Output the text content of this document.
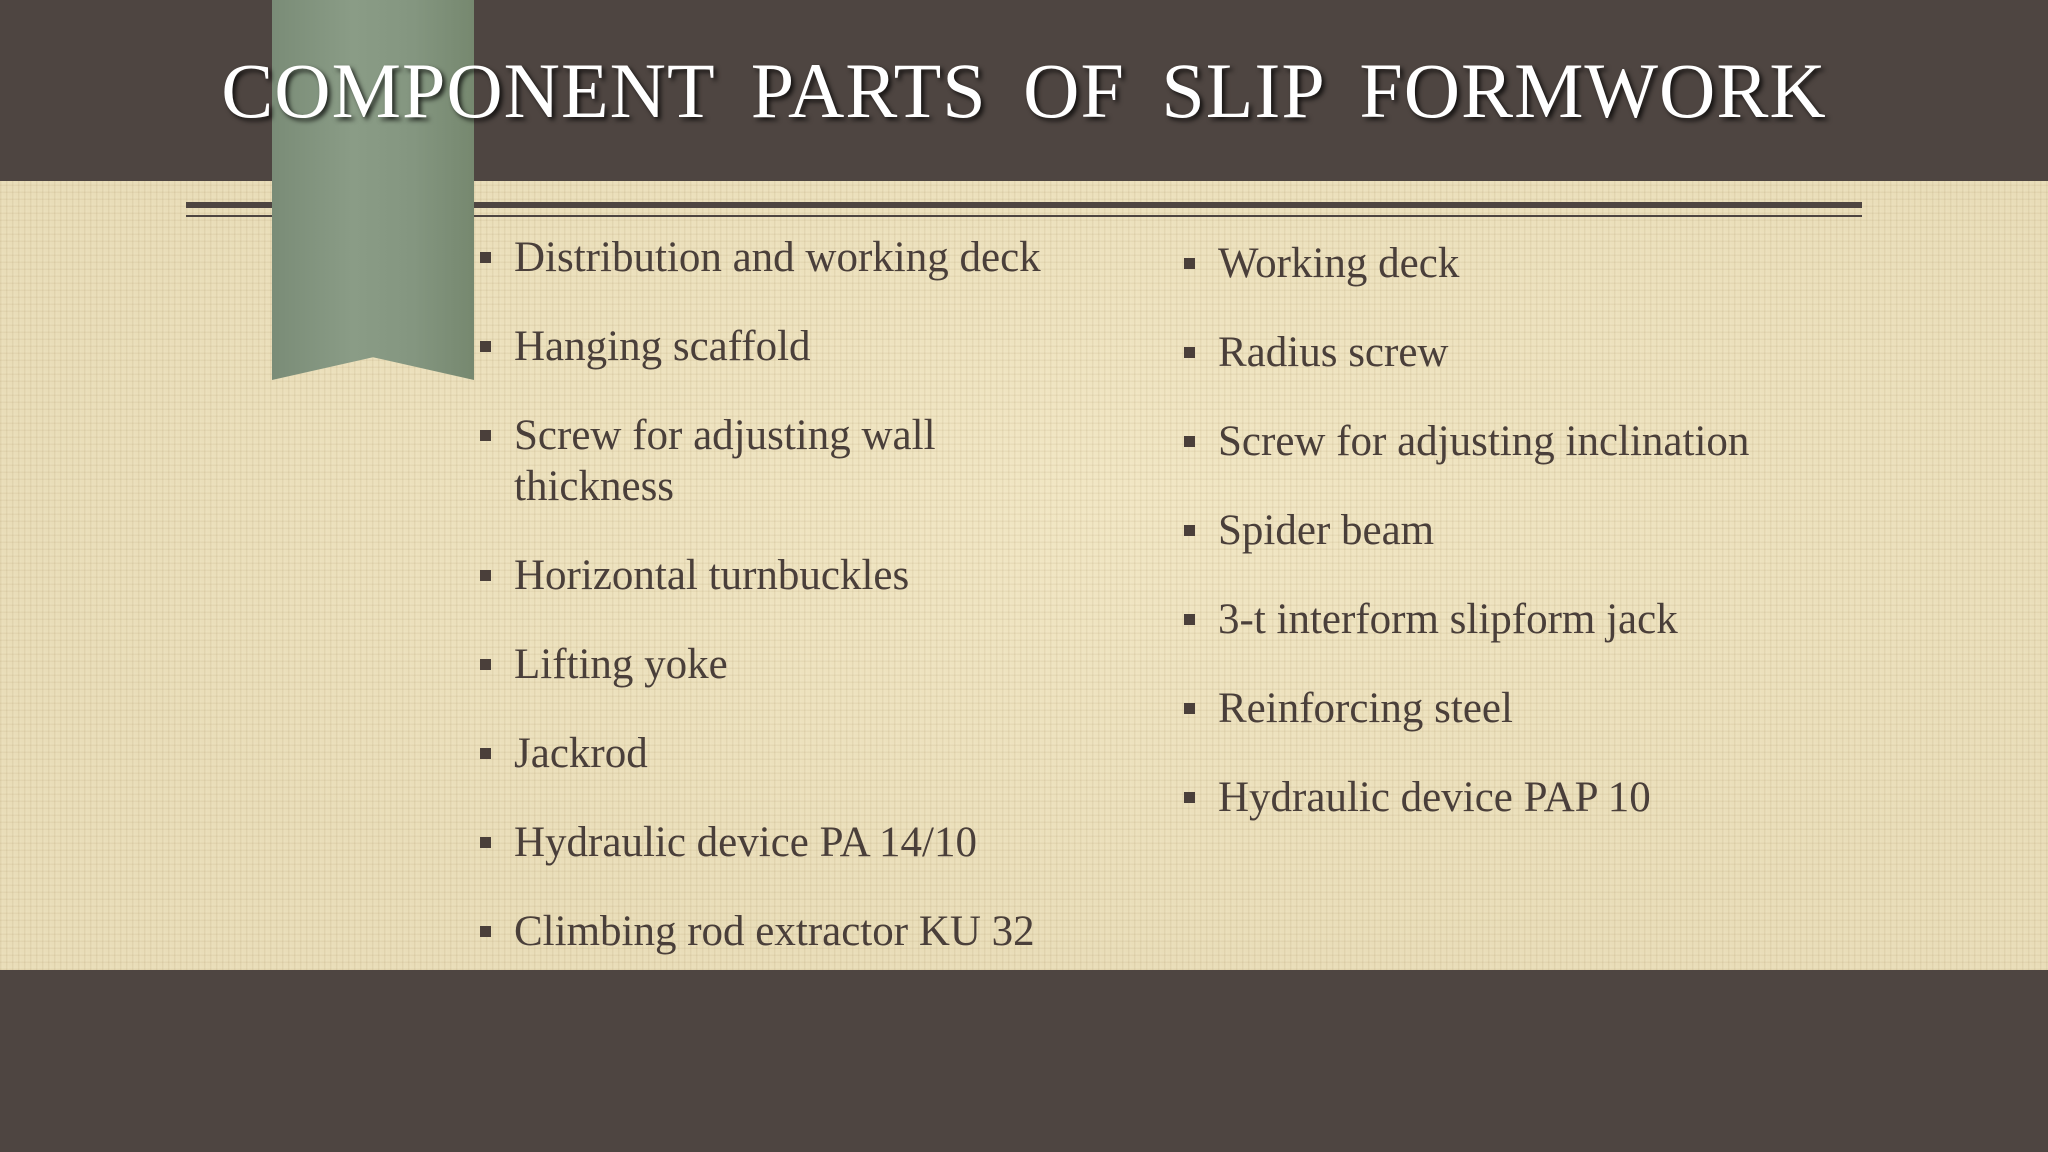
COMPONENT PARTS OF SLIP FORMWORK
Distribution and working deck
Hanging scaffold
Screw for adjusting wall thickness
Horizontal turnbuckles
Lifting yoke
Jackrod
Hydraulic device PA 14/10
Climbing rod extractor KU 32
Working deck
Radius screw
Screw for adjusting inclination
Spider beam
3-t interform slipform jack
Reinforcing steel
Hydraulic device PAP 10
